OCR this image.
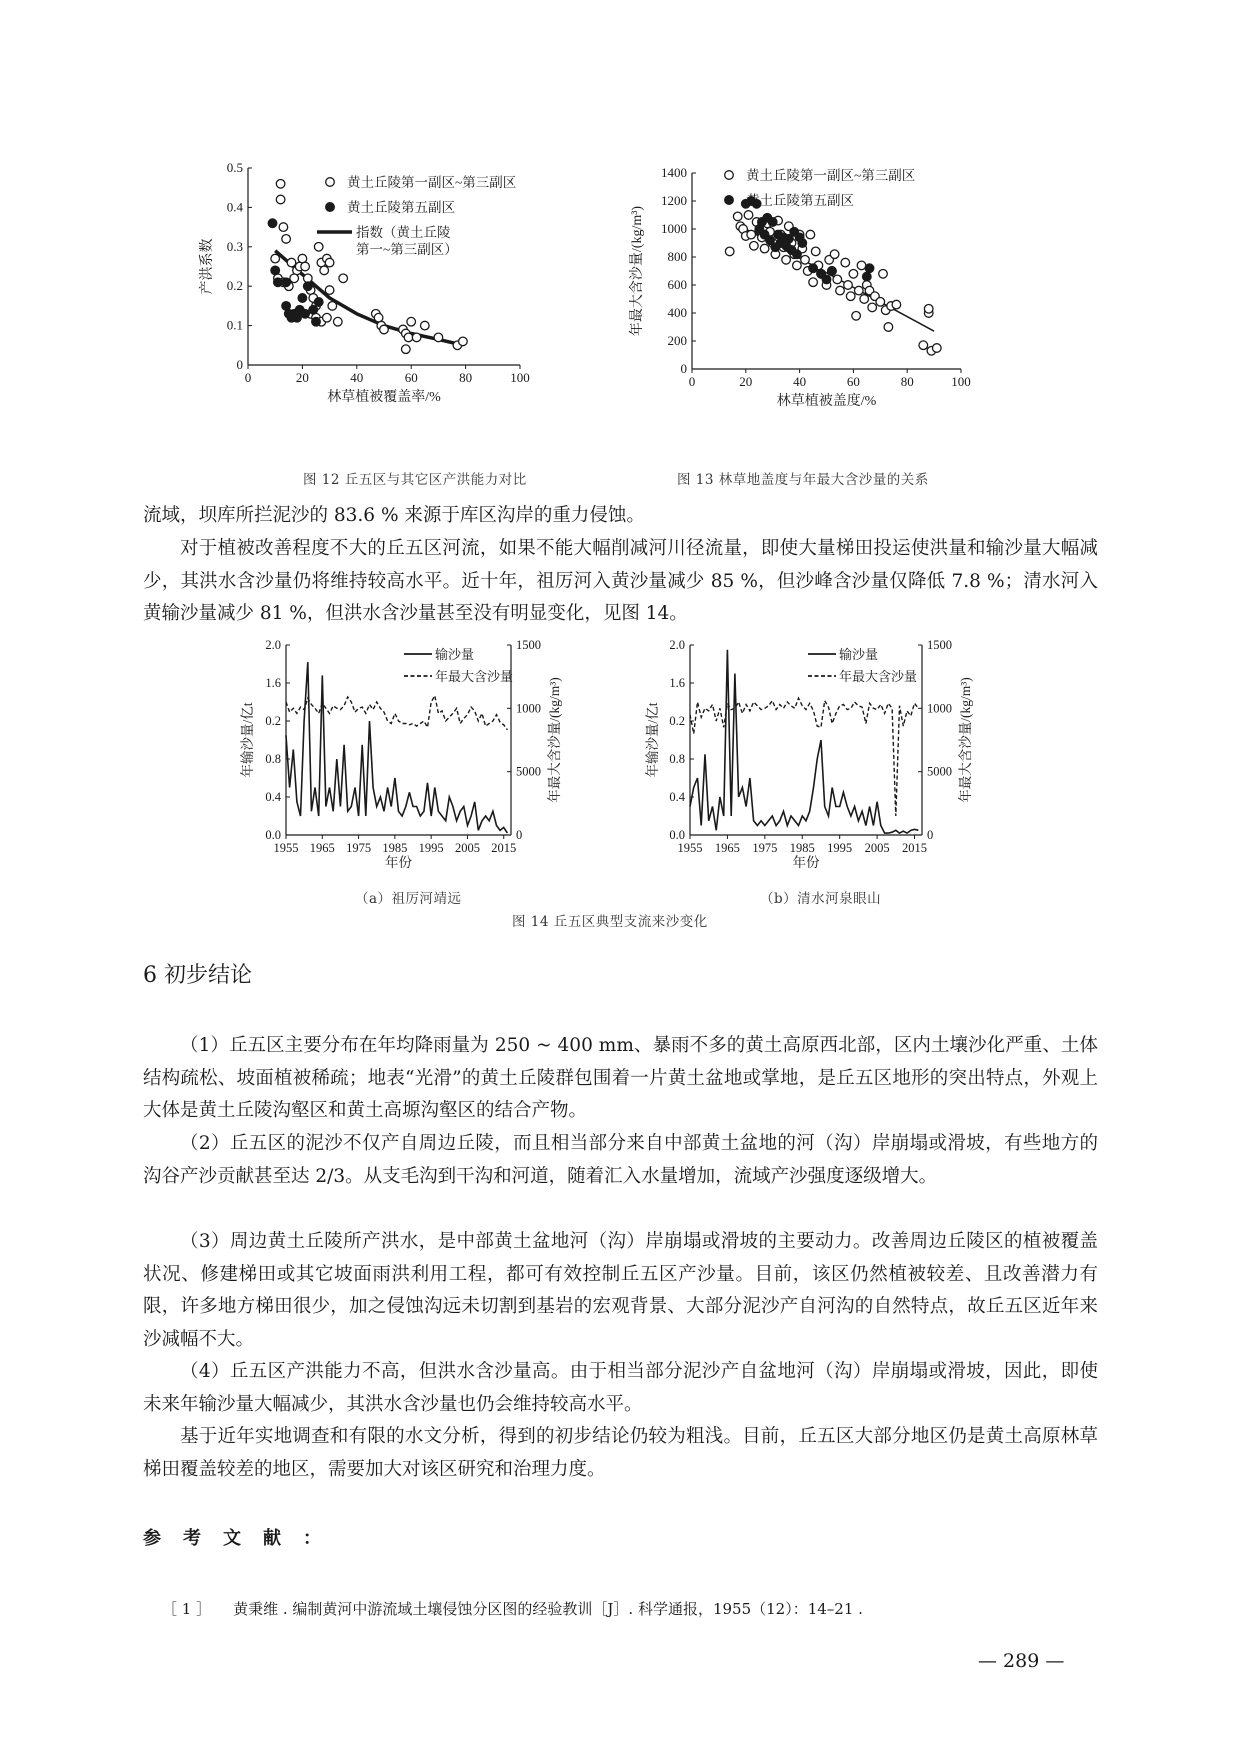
0	20	40	60	80	100
0
0.1
0.2
0.3
0.4
0.5
林草植被覆盖率/%
产洪系数
黄土丘陵第一副区~第三副区
黄土丘陵第五副区
指数（黄土丘陵
第一~第三副区）
0	20	40	60	80	100
0
200
400
600
800
1000
1200
1400
林草植被盖度/%
年最大含沙量/(kg/m³)
黄土丘陵第一副区~第三副区
黄土丘陵第五副区
图 12 丘五区与其它区产洪能力对比	图 13 林草地盖度与年最大含沙量的关系

流域，坝库所拦泥沙的 83.6 % 来源于库区沟岸的重力侵蚀。

对于植被改善程度不大的丘五区河流，如果不能大幅削减河川径流量，即使大量梯田投运使洪量和输沙量大幅减少，其洪水含沙量仍将维持较高水平。近十年，祖厉河入黄沙量减少 85 %，但沙峰含沙量仅降低 7.8 %；清水河入黄输沙量减少 81 %，但洪水含沙量甚至没有明显变化，见图 14。

1955 1965 1975 1985 1995 2005 2015
0.0
0.4
0.8
0.2
1.6
2.0
0
5000
1000
1500
年份
年输沙量/亿t	年最大含沙量/(kg/m³)
输沙量
年最大含沙量
1955 1965 1975 1985 1995 2005 2015
0.0
0.4
0.8
0.2
1.6
2.0
0
5000
1000
1500
年份
年输沙量/亿t	年最大含沙量/(kg/m³)
输沙量
年最大含沙量
（a）祖厉河靖远	（b）清水河泉眼山
图 14 丘五区典型支流来沙变化
6 初步结论

（1）丘五区主要分布在年均降雨量为 250 ~ 400 mm、暴雨不多的黄土高原西北部，区内土壤沙化严重、土体结构疏松、坡面植被稀疏；地表“光滑”的黄土丘陵群包围着一片黄土盆地或掌地，是丘五区地形的突出特点，外观上大体是黄土丘陵沟壑区和黄土高塬沟壑区的结合产物。

（2）丘五区的泥沙不仅产自周边丘陵，而且相当部分来自中部黄土盆地的河（沟）岸崩塌或滑坡，有些地方的沟谷产沙贡献甚至达 2/3。从支毛沟到干沟和河道，随着汇入水量增加，流域产沙强度逐级增大。

（3）周边黄土丘陵所产洪水，是中部黄土盆地河（沟）岸崩塌或滑坡的主要动力。改善周边丘陵区的植被覆盖状况、修建梯田或其它坡面雨洪利用工程，都可有效控制丘五区产沙量。目前，该区仍然植被较差、且改善潜力有限，许多地方梯田很少，加之侵蚀沟远未切割到基岩的宏观背景、大部分泥沙产自河沟的自然特点，故丘五区近年来沙减幅不大。

（4）丘五区产洪能力不高，但洪水含沙量高。由于相当部分泥沙产自盆地河（沟）岸崩塌或滑坡，因此，即使未来年输沙量大幅减少，其洪水含沙量也仍会维持较高水平。

基于近年实地调查和有限的水文分析，得到的初步结论仍较为粗浅。目前，丘五区大部分地区仍是黄土高原林草梯田覆盖较差的地区，需要加大对该区研究和治理力度。

参考文献：
［ 1 ］ 黄秉维 . 编制黄河中游流域土壤侵蚀分区图的经验教训［J］. 科学通报，1955（12）：14–21 .
— 289 —
